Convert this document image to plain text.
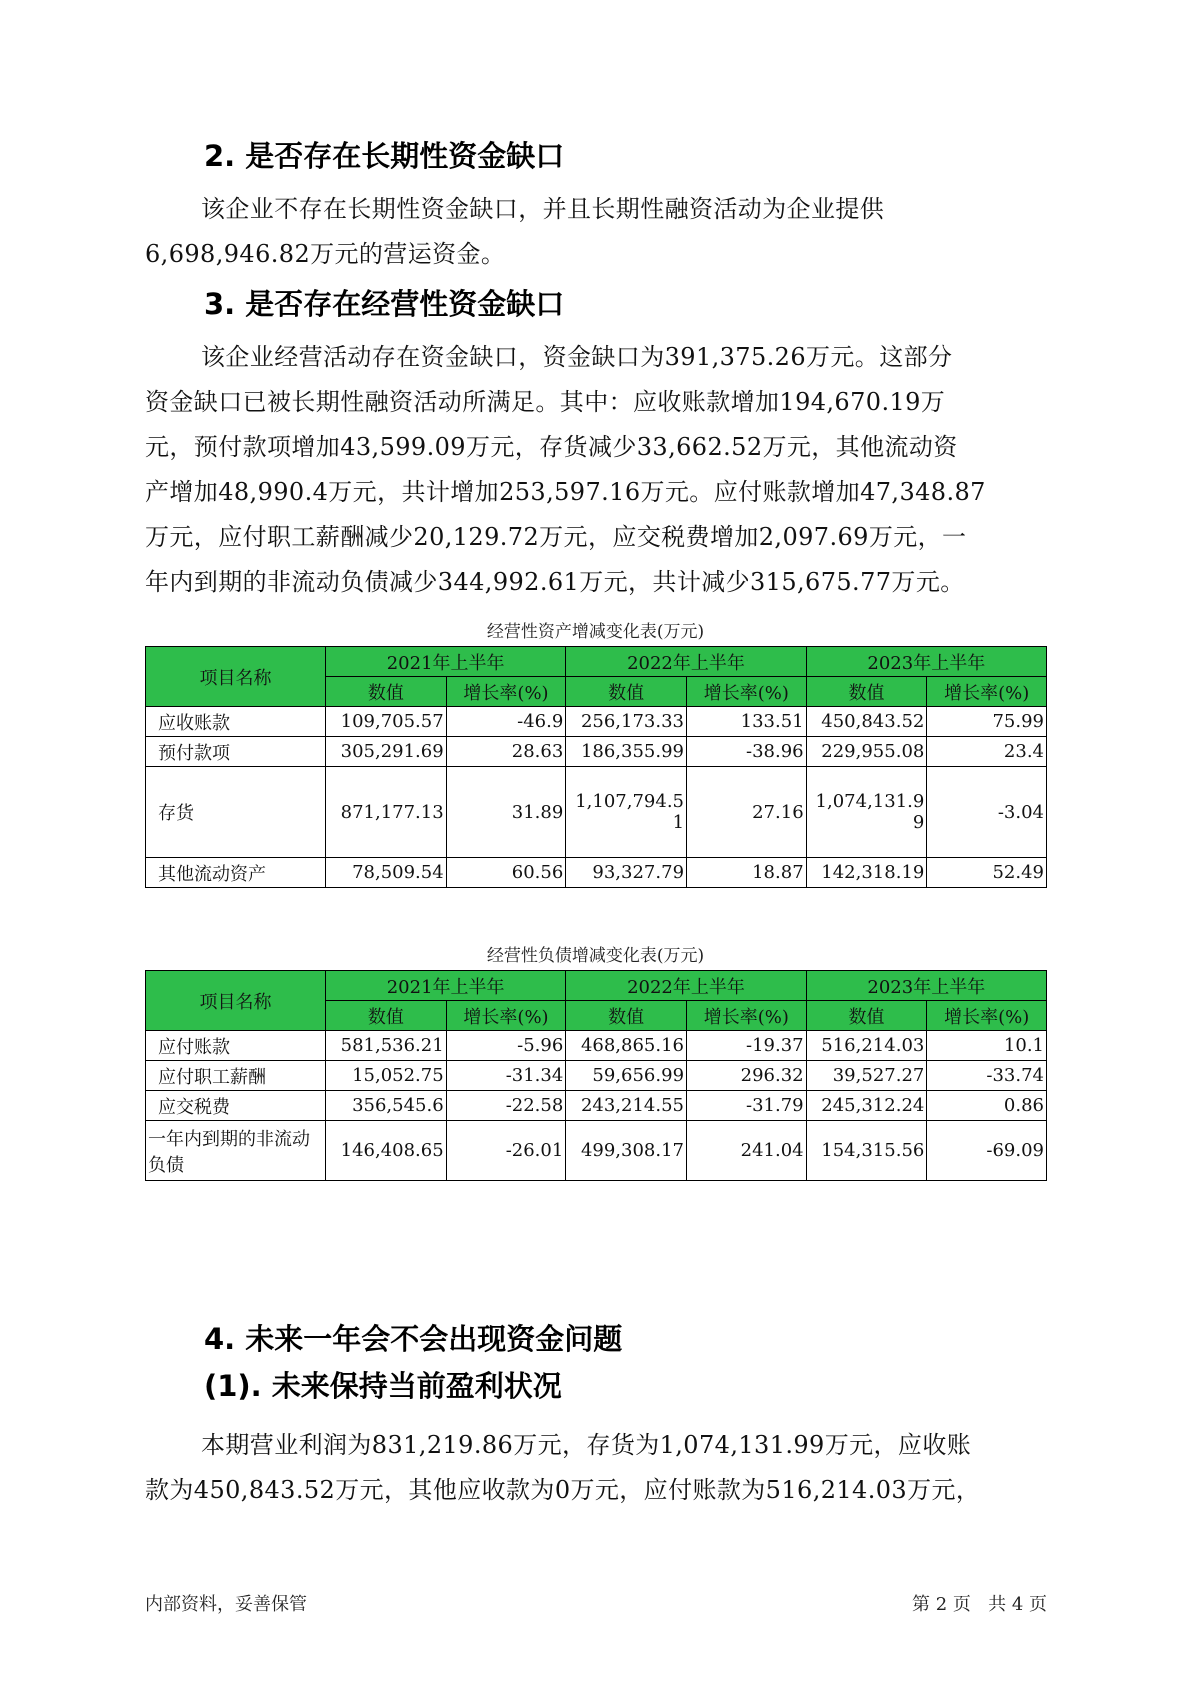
2. 是否存在长期性资金缺口

该企业不存在长期性资金缺口，并且长期性融资活动为企业提供
6,698,946.82万元的营运资金。

3. 是否存在经营性资金缺口

该企业经营活动存在资金缺口，资金缺口为391,375.26万元。这部分
资金缺口已被长期性融资活动所满足。其中：应收账款增加194,670.19万
元，预付款项增加43,599.09万元，存货减少33,662.52万元，其他流动资
产增加48,990.4万元，共计增加253,597.16万元。应付账款增加47,348.87
万元，应付职工薪酬减少20,129.72万元，应交税费增加2,097.69万元，一
年内到期的非流动负债减少344,992.61万元，共计减少315,675.77万元。

经营性资产增减变化表(万元)
项目名称	2021年上半年		2022年上半年		2023年上半年	
	数值	增长率(%)	数值	增长率(%)	数值	增长率(%)
应收账款	109,705.57	-46.9	256,173.33	133.51	450,843.52	75.99
预付款项	305,291.69	28.63	186,355.99	-38.96	229,955.08	23.4
存货	871,177.13	31.89	1,107,794.51	27.16	1,074,131.99	-3.04
其他流动资产	78,509.54	60.56	93,327.79	18.87	142,318.19	52.49
经营性负债增减变化表(万元)
项目名称	2021年上半年		2022年上半年		2023年上半年	
	数值	增长率(%)	数值	增长率(%)	数值	增长率(%)
应付账款	581,536.21	-5.96	468,865.16	-19.37	516,214.03	10.1
应付职工薪酬	15,052.75	-31.34	59,656.99	296.32	39,527.27	-33.74
应交税费	356,545.6	-22.58	243,214.55	-31.79	245,312.24	0.86
一年内到期的非流动负债	146,408.65	-26.01	499,308.17	241.04	154,315.56	-69.09
4. 未来一年会不会出现资金问题
(1). 未来保持当前盈利状况

本期营业利润为831,219.86万元，存货为1,074,131.99万元，应收账
款为450,843.52万元，其他应收款为0万元，应付账款为516,214.03万元，

内部资料，妥善保管	第 2 页   共 4 页
